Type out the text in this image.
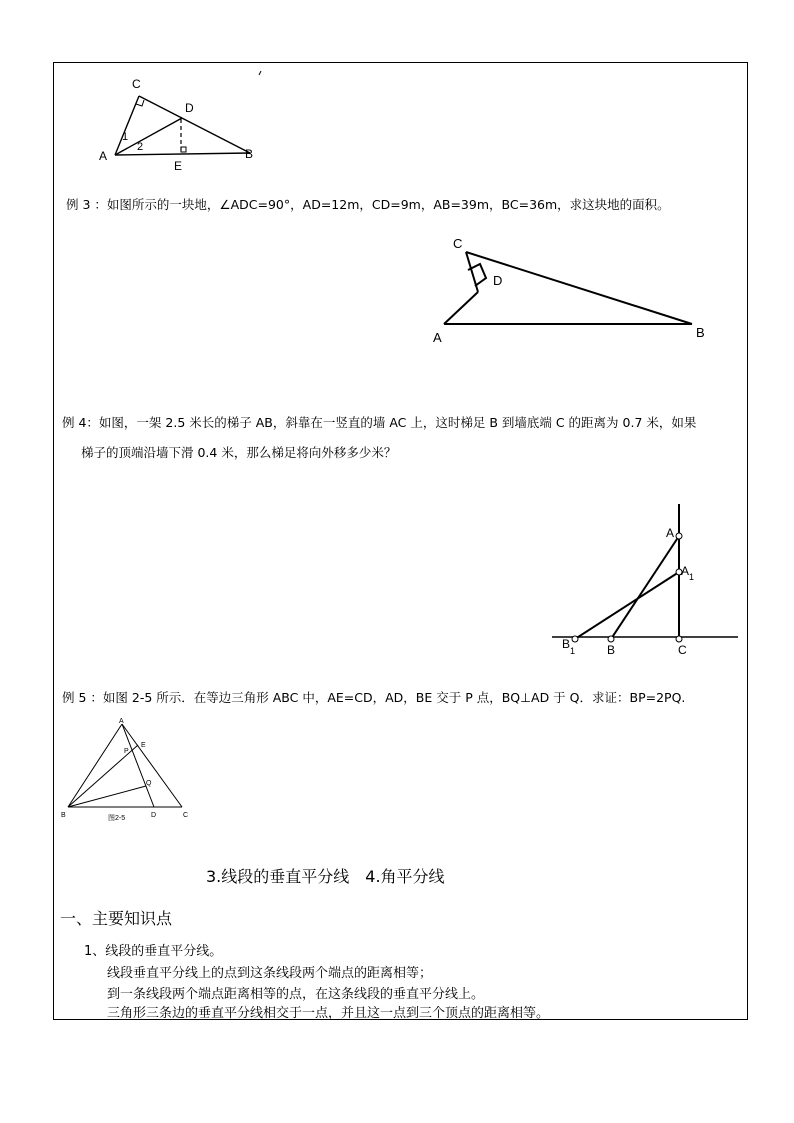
C
D
A	B
E
1
2
例 3 ：如图所示的一块地，∠ADC=90°，AD=12m，CD=9m，AB=39m，BC=36m，求这块地的面积。
C
D
A	B
例 4：如图，一架 2.5 米长的梯子 AB，斜靠在一竖直的墙 AC 上，这时梯足 B 到墙底端 C 的距离为 0.7 米，如果
梯子的顶端沿墙下滑 0.4 米，那么梯足将向外移多少米？
A
A 1
B 1	B	C
例 5 ：如图 2-5 所示．在等边三角形 ABC 中，AE=CD，AD，BE 交于 P 点，BQ⊥AD 于 Q．求证：BP=2PQ.
A
E
P
Q
B	D	C
图2-5
3.线段的垂直平分线　4.角平分线
一、主要知识点
1、线段的垂直平分线。
线段垂直平分线上的点到这条线段两个端点的距离相等；
到一条线段两个端点距离相等的点，在这条线段的垂直平分线上。
三角形三条边的垂直平分线相交于一点，并且这一点到三个顶点的距离相等。
